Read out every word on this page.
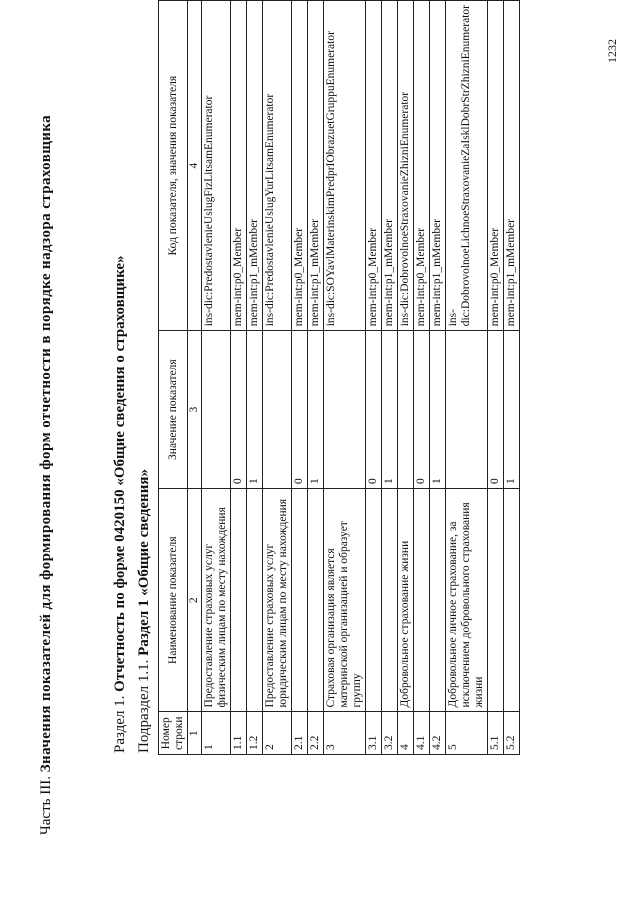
Часть III. Значения показателей для формирования форм отчетности в порядке надзора страховщика	Раздел 1. Отчетность по форме 0420150 «Общие сведения о страховщике»
Подраздел 1.1. Раздел 1 «Общие сведения»
Номер строки	Наименование показателя	Значение показателя	Код показателя, значения показателя
1	2	3	4
1	Предоставление страховых услуг физическим лицам по месту нахождения		ins-dic:PredostavlenieUslugFizLitsamEnumerator
1.1		0	mem-int:p0_Member
1.2		1	mem-int:p1_mMember
2	Предоставление страховых услуг юридическим лицам по месту нахождения		ins-dic:PredostavlenieUslugYurLitsamEnumerator
2.1		0	mem-int:p0_Member
2.2		1	mem-int:p1_mMember
3	Страховая организация является материнской организацией и образует группу		ins-dic:SOYavlMaterinskimPredprIObrazuetGruppuEnumerator
3.1		0	mem-int:p0_Member
3.2		1	mem-int:p1_mMember
4	Добровольное страхование жизни		ins-dic:DobrovolnoeStraxovanieZhizniEnumerator
4.1		0	mem-int:p0_Member
4.2		1	mem-int:p1_mMember
5	Добровольное личное страхование, за исключением добровольного страхования жизни		ins-dic:DobrovolnoeLichnoeStraxovanieZaIsklDobrStrZhizniEnumerator
5.1		0	mem-int:p0_Member
5.2		1	mem-int:p1_mMember
1232
